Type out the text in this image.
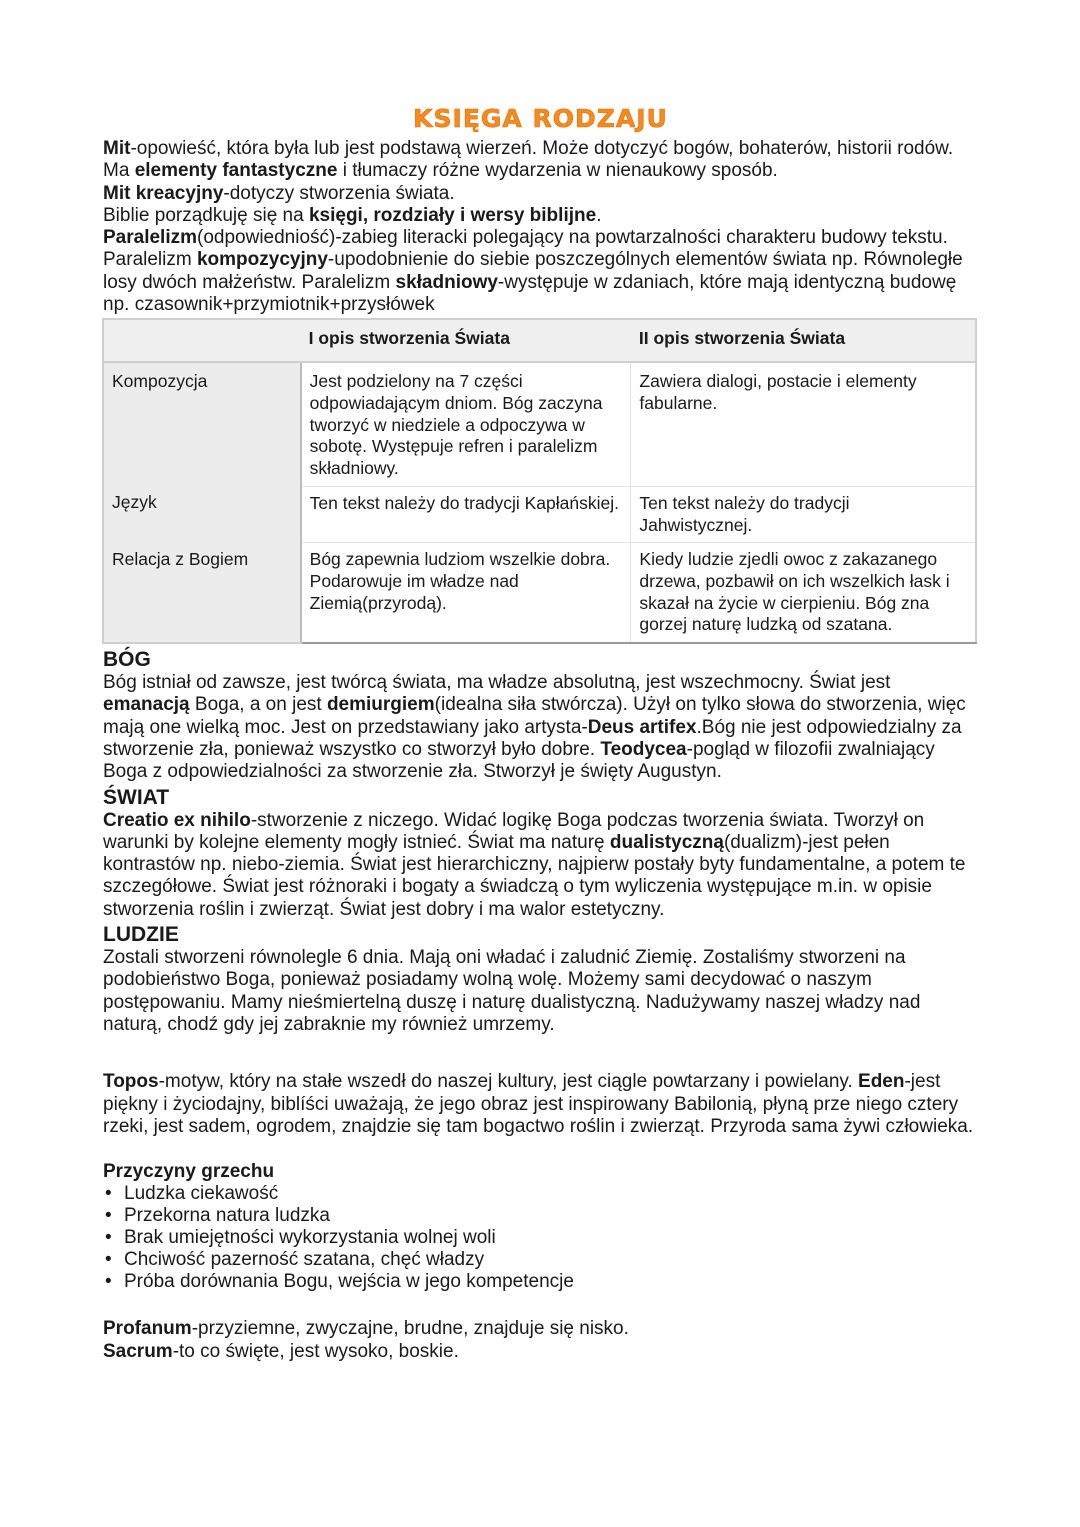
KSIĘGA RODZAJU

Mit-opowieść, która była lub jest podstawą wierzeń. Może dotyczyć bogów, bohaterów, historii rodów. Ma elementy fantastyczne i tłumaczy różne wydarzenia w nienaukowy sposób.

Mit kreacyjny-dotyczy stworzenia świata.

Biblie porządkuję się na księgi, rozdziały i wersy biblijne.

Paralelizm(odpowiedniość)-zabieg literacki polegający na powtarzalności charakteru budowy tekstu. Paralelizm kompozycyjny-upodobnienie do siebie poszczególnych elementów świata np. Równoległe losy dwóch małżeństw. Paralelizm składniowy-występuje w zdaniach, które mają identyczną budowę np. czasownik+przymiotnik+przysłówek

	I opis stworzenia Świata	II opis stworzenia Świata
Kompozycja	Jest podzielony na 7 części odpowiadającym dniom. Bóg zaczyna tworzyć w niedziele a odpoczywa w sobotę. Występuje refren i paralelizm składniowy.	Zawiera dialogi, postacie i elementy fabularne.
Język	Ten tekst należy do tradycji Kapłańskiej.	Ten tekst należy do tradycji Jahwistycznej.
Relacja z Bogiem	Bóg zapewnia ludziom wszelkie dobra. Podarowuje im władze nad Ziemią(przyrodą).	Kiedy ludzie zjedli owoc z zakazanego drzewa, pozbawił on ich wszelkich łask i skazał na życie w cierpieniu. Bóg zna gorzej naturę ludzką od szatana.
BÓG

Bóg istniał od zawsze, jest twórcą świata, ma władze absolutną, jest wszechmocny. Świat jest emanacją Boga, a on jest demiurgiem(idealna siła stwórcza). Użył on tylko słowa do stworzenia, więc mają one wielką moc. Jest on przedstawiany jako artysta-Deus artifex.Bóg nie jest odpowiedzialny za stworzenie zła, ponieważ wszystko co stworzył było dobre. Teodycea-pogląd w filozofii zwalniający Boga z odpowiedzialności za stworzenie zła. Stworzył je święty Augustyn.

ŚWIAT

Creatio ex nihilo-stworzenie z niczego. Widać logikę Boga podczas tworzenia świata. Tworzył on warunki by kolejne elementy mogły istnieć. Świat ma naturę dualistyczną(dualizm)-jest pełen kontrastów np. niebo-ziemia. Świat jest hierarchiczny, najpierw postały byty fundamentalne, a potem te szczegółowe. Świat jest różnoraki i bogaty a świadczą o tym wyliczenia występujące m.in. w opisie stworzenia roślin i zwierząt. Świat jest dobry i ma walor estetyczny.

LUDZIE

Zostali stworzeni równolegle 6 dnia. Mają oni władać i zaludnić Ziemię. Zostaliśmy stworzeni na podobieństwo Boga, ponieważ posiadamy wolną wolę. Możemy sami decydować o naszym postępowaniu. Mamy nieśmiertelną duszę i naturę dualistyczną. Nadużywamy naszej władzy nad naturą, chodź gdy jej zabraknie my również umrzemy.

Topos-motyw, który na stałe wszedł do naszej kultury, jest ciągle powtarzany i powielany. Eden-jest piękny i życiodajny, biblíści uważają, że jego obraz jest inspirowany Babilonią, płyną prze niego cztery rzeki, jest sadem, ogrodem, znajdzie się tam bogactwo roślin i zwierząt. Przyroda sama żywi człowieka.

Przyczyny grzechu
• Ludzka ciekawość
• Przekorna natura ludzka
• Brak umiejętności wykorzystania wolnej woli
• Chciwość pazerność szatana, chęć władzy
• Próba dorównania Bogu, wejścia w jego kompetencje

Profanum-przyziemne, zwyczajne, brudne, znajduje się nisko.

Sacrum-to co święte, jest wysoko, boskie.
